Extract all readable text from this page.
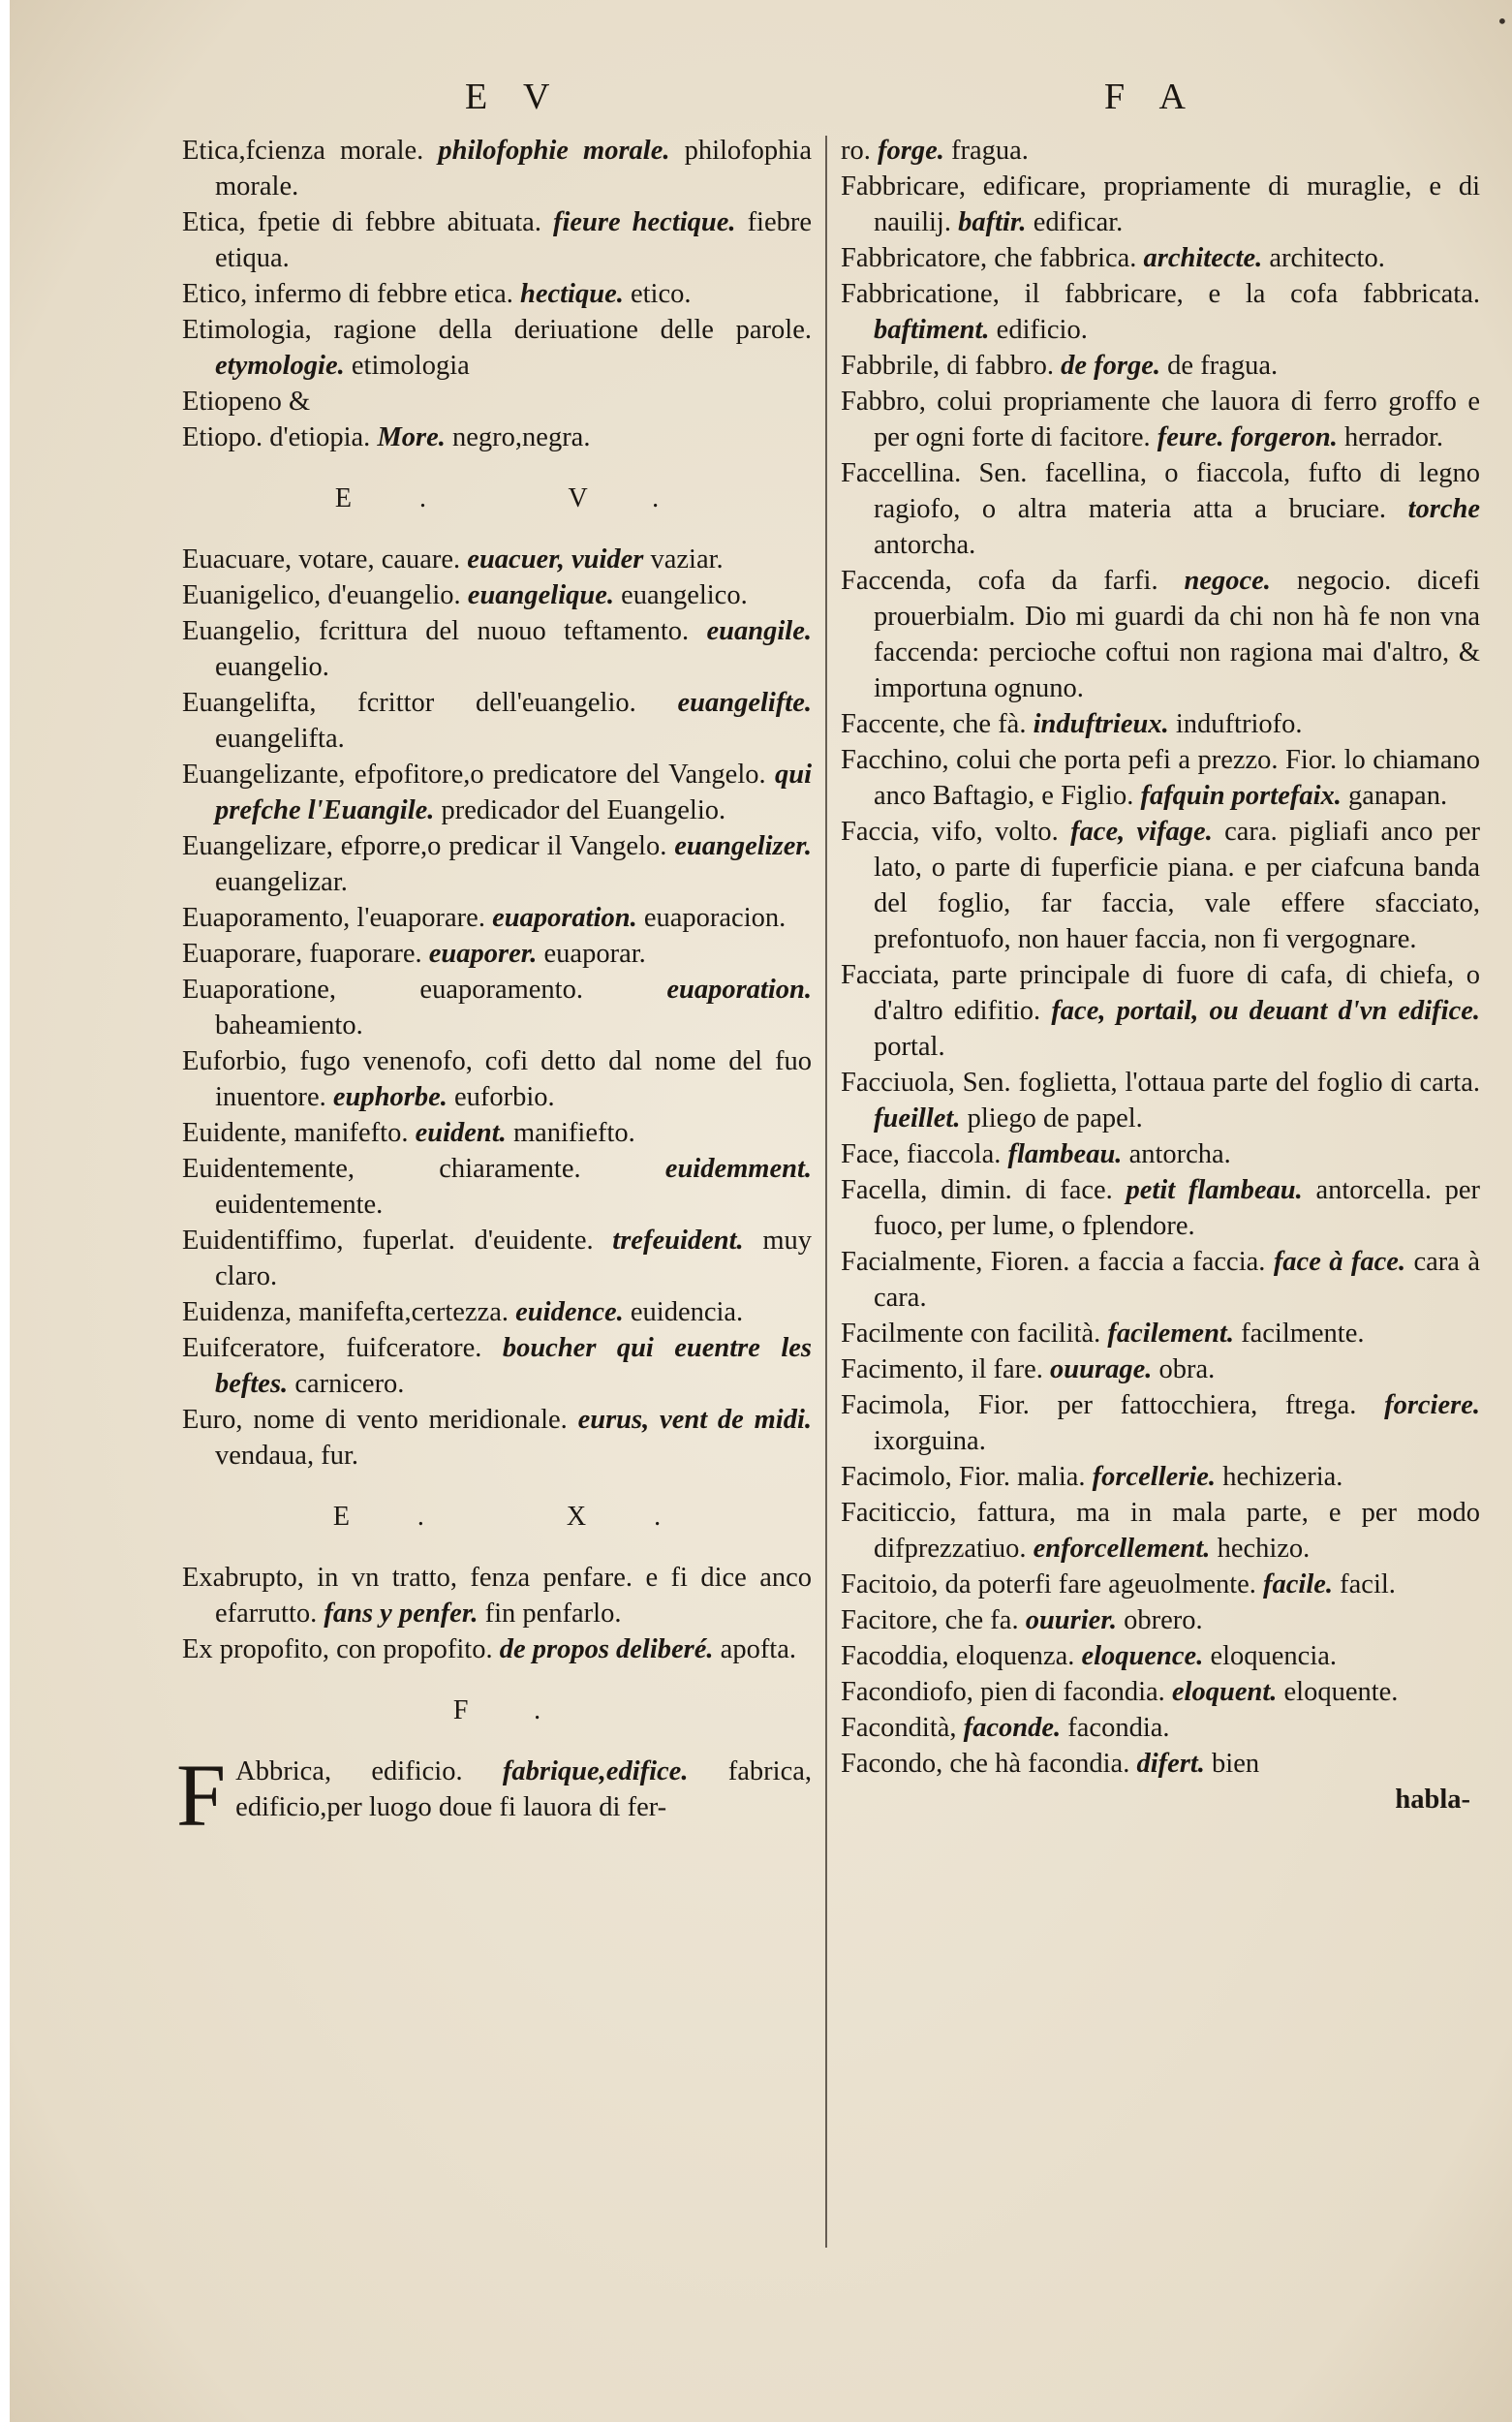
E V	F A
Etica,fcienza morale. philofophie morale. philofophia morale.
Etica, fpetie di febbre abituata. fieure hectique. fiebre etiqua.
Etico, infermo di febbre etica. hectique. etico.
Etimologia, ragione della deriuatione delle parole. etymologie. etimologia
Etiopeno &
Etiopo. d'etiopia. More. negro,negra.
E. V.
Euacuare, votare, cauare. euacuer, vuider vaziar.
Euanigelico, d'euangelio. euangelique. euangelico.
Euangelio, fcrittura del nuouo teftamento. euangile. euangelio.
Euangelifta, fcrittor dell'euangelio. euangelifte. euangelifta.
Euangelizante, efpofitore,o predicatore del Vangelo. qui prefche l'Euangile. predicador del Euangelio.
Euangelizare, efporre,o predicar il Vangelo. euangelizer. euangelizar.
Euaporamento, l'euaporare. euaporation. euaporacion.
Euaporare, fuaporare. euaporer. euaporar.
Euaporatione, euaporamento.	euaporation. baheamiento.
Euforbio, fugo venenofo, cofi detto dal nome del fuo inuentore. euphorbe. euforbio.
Euidente, manifefto. euident. manifiefto.
Euidentemente, chiaramente.	euidemment. euidentemente.
Euidentiffimo, fuperlat. d'euidente. trefeuident. muy claro.
Euidenza, manifefta,certezza. euidence. euidencia.
Euifceratore, fuifceratore. boucher qui euentre les beftes. carnicero.
Euro, nome di vento meridionale. eurus, vent de midi. vendaua, fur.
E. X.
Exabrupto, in vn tratto, fenza penfare. e fi dice anco efarrutto. fans y penfer. fin penfarlo.
Ex propofito, con propofito. de propos deliberé. apofta.
F.
F Abbrica, edificio. fabrique,edifice. fabrica, edificio,per luogo doue fi lauora di fer-
ro. forge. fragua.
Fabbricare, edificare, propriamente di muraglie, e di nauilij. baftir. edificar.
Fabbricatore, che fabbrica. architecte. architecto.
Fabbricatione, il fabbricare, e la cofa fabbricata. baftiment. edificio.
Fabbrile, di fabbro. de forge. de fragua.
Fabbro, colui propriamente che lauora di ferro groffo e per ogni forte di facitore. feure. forgeron. herrador.
Faccellina. Sen. facellina, o fiaccola, fufto di legno ragiofo, o altra materia atta a bruciare. torche antorcha.
Faccenda, cofa da farfi. negoce. negocio. dicefi prouerbialm. Dio mi guardi da chi non hà fe non vna faccenda: percioche coftui non ragiona mai d'altro, & importuna ognuno.
Faccente, che fà. induftrieux. induftriofo.
Facchino, colui che porta pefi a prezzo. Fior. lo chiamano anco Baftagio, e Figlio. fafquin portefaix. ganapan.
Faccia, vifo, volto. face, vifage. cara. pigliafi anco per lato, o parte di fuperficie piana. e per ciafcuna banda del foglio, far faccia, vale effere sfacciato, prefontuofo, non hauer faccia, non fi vergognare.
Facciata, parte principale di fuore di cafa, di chiefa, o d'altro edifitio. face, portail, ou deuant d'vn edifice. portal.
Facciuola, Sen. foglietta, l'ottaua parte del foglio di carta. fueillet. pliego de papel.
Face, fiaccola. flambeau. antorcha.
Facella, dimin. di face. petit flambeau. antorcella. per fuoco, per lume, o fplendore.
Facialmente, Fioren. a faccia a faccia. face à face. cara à cara.
Facilmente con facilità. facilement. facilmente.
Facimento, il fare. ouurage. obra.
Facimola, Fior. per fattocchiera, ftrega. forciere. ixorguina.
Facimolo, Fior. malia. forcellerie. hechizeria.
Faciticcio, fattura, ma in mala parte, e per modo difprezzatiuo. enforcellement. hechizo.
Facitoio, da poterfi fare ageuolmente. facile. facil.
Facitore, che fa. ouurier. obrero.
Facoddia, eloquenza. eloquence. eloquencia.
Facondiofo, pien di facondia. eloquent. eloquente.
Facondità, faconde. facondia.
Facondo, che hà facondia. difert. bien
habla-
•
